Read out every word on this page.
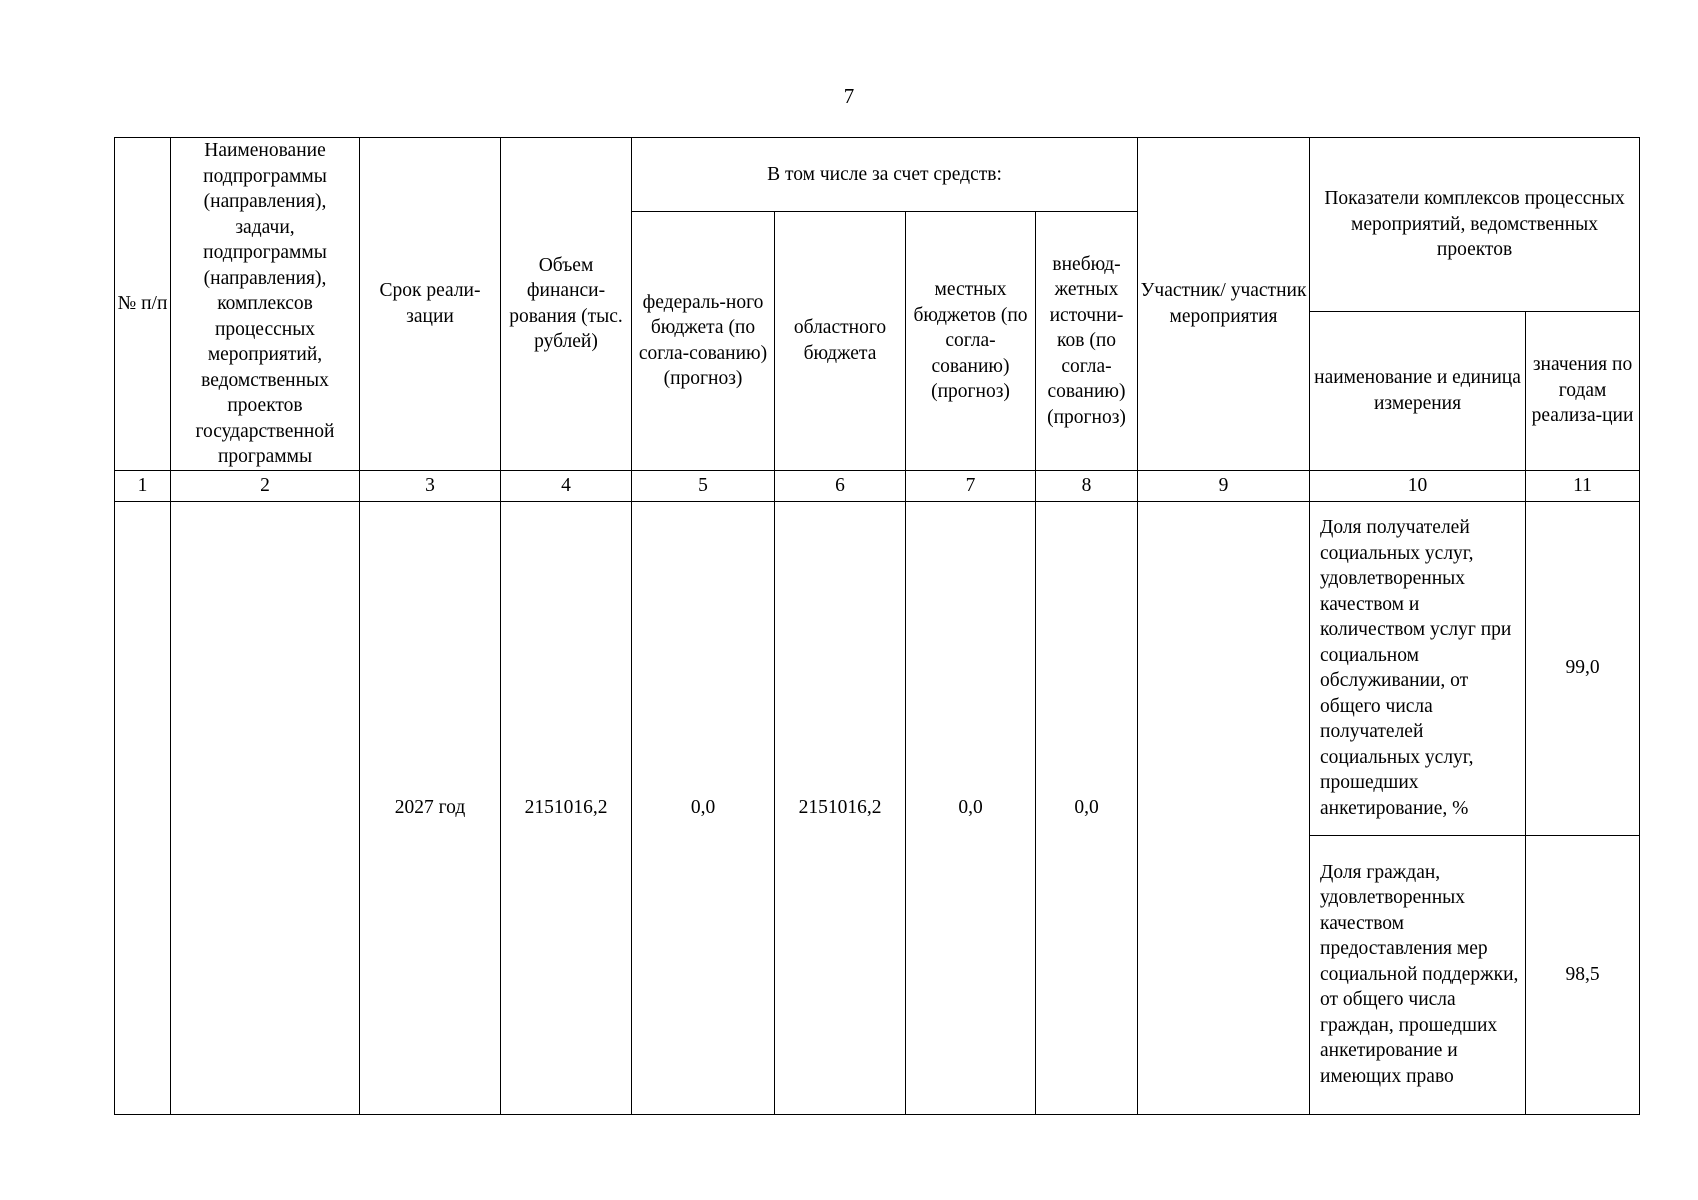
7
№ п/п	Наименование подпрограммы (направления), задачи, подпрограммы (направления), комплексов процессных мероприятий, ведомственных проектов государственной программы	Срок реали-зации	Объем финанси-рования (тыс. рублей)	В том числе за счет средств:				Участник/ участник мероприятия	Показатели комплексов процессных мероприятий, ведомственных проектов	
				федераль-ного бюджета (по согла-сованию) (прогноз)	областного бюджета	местных бюджетов (по согла-сованию) (прогноз)	внебюд-жетных источни-ков (по согла-сованию) (прогноз)			
									наименование и единица измерения	значения по годам реализа-ции
1	2	3	4	5	6	7	8	9	10	11
		2027 год	2151016,2	0,0	2151016,2	0,0	0,0		Доля получателей социальных услуг, удовлетворенных качеством и количеством услуг при социальном обслуживании, от общего числа получателей социальных услуг, прошедших анкетирование, %	99,0
									Доля граждан, удовлетворенных качеством предоставления мер социальной поддержки, от общего числа граждан, прошедших анкетирование и имеющих право	98,5
